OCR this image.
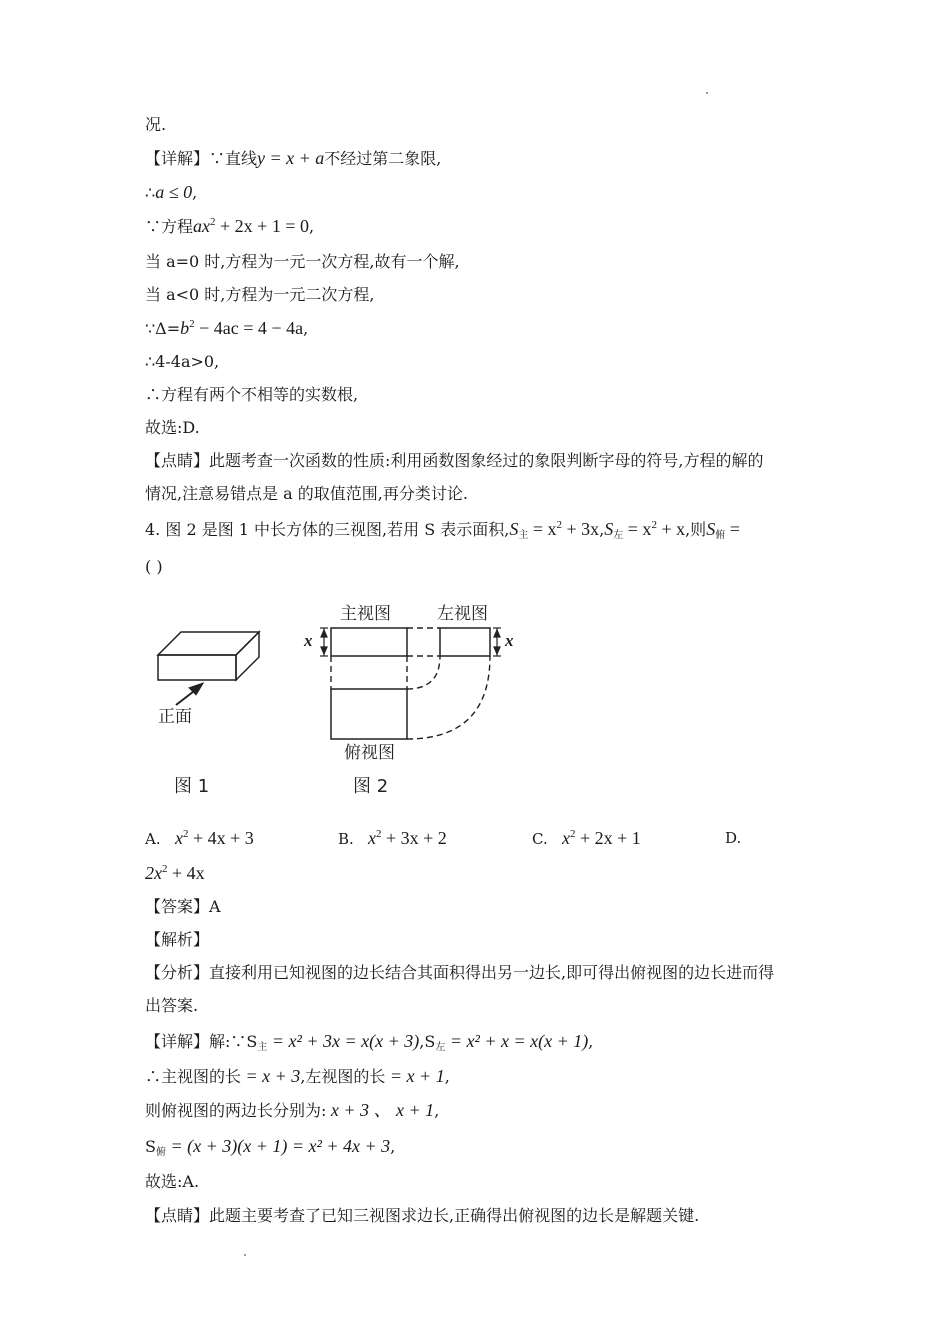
况.
【详解】∵直线y = x + a不经过第二象限,
∴a ≤ 0,
∵方程$ax^2 + 2x + 1 = 0$,
当 a=0 时,方程为一元一次方程,故有一个解,
当 a<0 时,方程为一元二次方程,
$\because\Delta=b^2 - 4ac = 4 - 4a$,
∴4-4a>0,
∴方程有两个不相等的实数根,
故选:D.
【点睛】此题考查一次函数的性质:利用函数图象经过的象限判断字母的符号,方程的解的
情况,注意易错点是 a 的取值范围,再分类讨论.
4. 图 2 是图 1 中长方体的三视图,若用 S 表示面积$,S_主 = x^2 + 3x,S_左 = x^2 + x$,则$S_俯$ =
( )
正面
图 1
主视图	左视图
x	x
俯视图
图 2
A. $x^2 + 4x + 3$	B. $x^2 + 3x + 2$	C. $x^2 + 2x + 1$	D.
$2x^2 + 4x$
【答案】A
【解析】
【分析】直接利用已知视图的边长结合其面积得出另一边长,即可得出俯视图的边长进而得
出答案.
【详解】解$:\because S_主 = x^2 + 3x = x(x + 3),S_左 = x^2 + x = x(x + 1)$,
∴主视图的长 = x + 3,左视图的长 = x + 1,
则俯视图的两边长分别为: x + 3 、 x + 1,
$S_俯 = (x + 3)(x + 1) = x^2 + 4x + 3$,
故选:A.
【点睛】此题主要考查了已知三视图求边长,正确得出俯视图的边长是解题关键.
